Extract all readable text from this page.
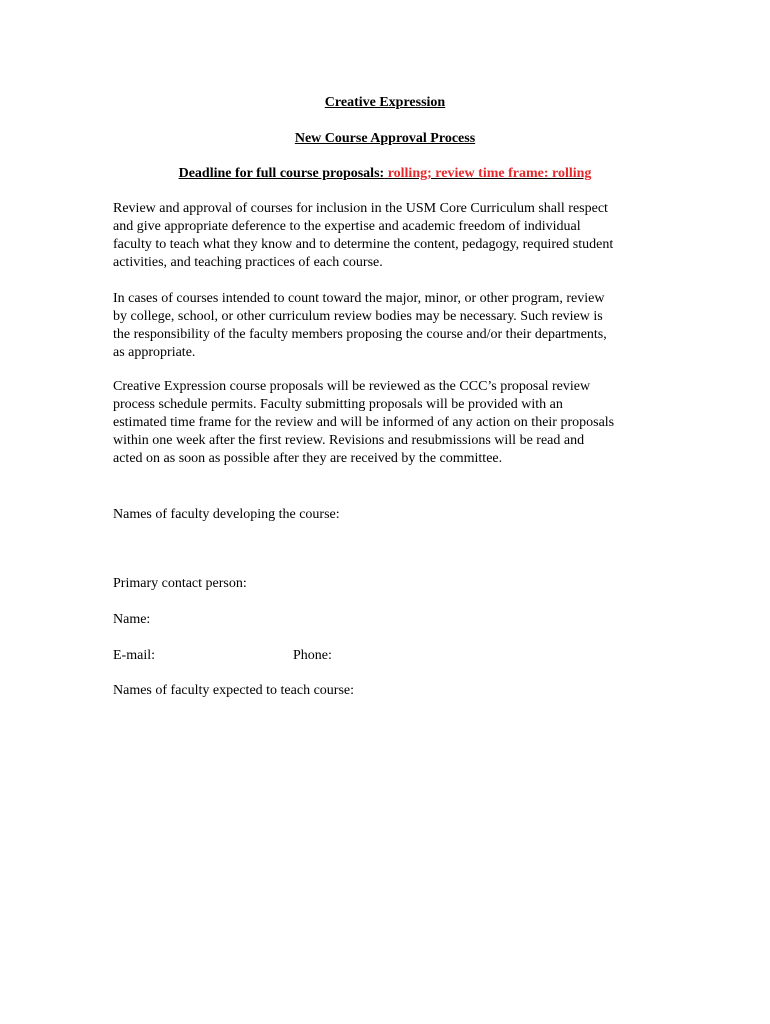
Creative Expression
New Course Approval Process
Deadline for full course proposals: rolling; review time frame: rolling

Review and approval of courses for inclusion in the USM Core Curriculum shall respect
and give appropriate deference to the expertise and academic freedom of individual
faculty to teach what they know and to determine the content, pedagogy, required student
activities, and teaching practices of each course.

In cases of courses intended to count toward the major, minor, or other program, review
by college, school, or other curriculum review bodies may be necessary. Such review is
the responsibility of the faculty members proposing the course and/or their departments,
as appropriate.

Creative Expression course proposals will be reviewed as the CCC’s proposal review
process schedule permits. Faculty submitting proposals will be provided with an
estimated time frame for the review and will be informed of any action on their proposals
within one week after the first review. Revisions and resubmissions will be read and
acted on as soon as possible after they are received by the committee.

Names of faculty developing the course:
Primary contact person:
Name:
E-mail:	Phone:
Names of faculty expected to teach course:
